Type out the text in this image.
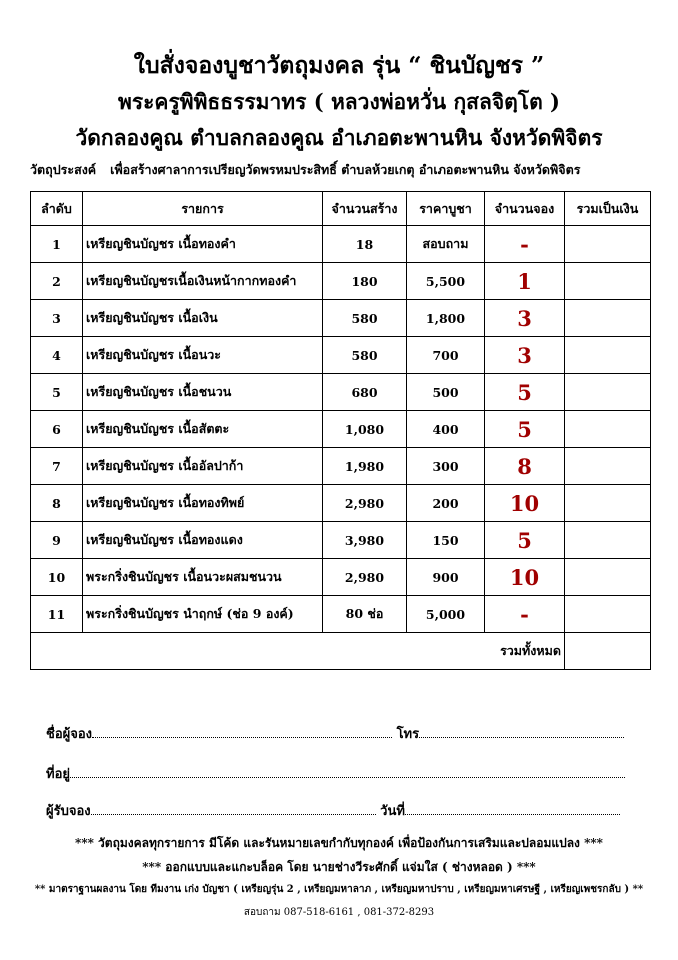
ใบสั่งจองบูชาวัตถุมงคล รุ่น “ ชินบัญชร ”
พระครูพิพิธธรรมาทร ( หลวงพ่อหวั่น กุสลจิตฺโต )
วัดกลองคูณ ตำบลกลองคูณ อำเภอตะพานหิน จังหวัดพิจิตร
วัตถุประสงค์ เพื่อสร้างศาลาการเปรียญวัดพรหมประสิทธิ์ ตำบลห้วยเกตุ อำเภอตะพานหิน จังหวัดพิจิตร
ลำดับ	รายการ	จำนวนสร้าง	ราคาบูชา	จำนวนจอง	รวมเป็นเงิน
1	เหรียญชินบัญชร เนื้อทองคำ	18	สอบถาม	-	
2	เหรียญชินบัญชรเนื้อเงินหน้ากากทองคำ	180	5,500	1	
3	เหรียญชินบัญชร เนื้อเงิน	580	1,800	3	
4	เหรียญชินบัญชร เนื้อนวะ	580	700	3	
5	เหรียญชินบัญชร เนื้อชนวน	680	500	5	
6	เหรียญชินบัญชร เนื้อสัตตะ	1,080	400	5	
7	เหรียญชินบัญชร เนื้ออัลปาก้า	1,980	300	8	
8	เหรียญชินบัญชร เนื้อทองทิพย์	2,980	200	10	
9	เหรียญชินบัญชร เนื้อทองแดง	3,980	150	5	
10	พระกริ่งชินบัญชร เนื้อนวะผสมชนวน	2,980	900	10	
11	พระกริ่งชินบัญชร นำฤกษ์ (ช่อ 9 องค์)	80 ช่อ	5,000	-	
รวมทั้งหมด					
ชื่อผู้จอง	โทร
ที่อยู่
ผู้รับจอง	วันที่
*** วัตถุมงคลทุกรายการ มีโค้ด และรันหมายเลขกำกับทุกองค์ เพื่อป้องกันการเสริมและปลอมแปลง ***
*** ออกแบบและแกะบล็อค โดย นายช่างวีระศักดิ์ แจ่มใส ( ช่างหลอด ) ***
** มาตราฐานผลงาน โดย ทีมงาน เก่ง บัญชา ( เหรียญรุ่น 2 , เหรียญมหาลาภ , เหรียญมหาปราบ , เหรียญมหาเศรษฐี , เหรียญเพชรกลับ ) **
สอบถาม 087-518-6161 , 081-372-8293
